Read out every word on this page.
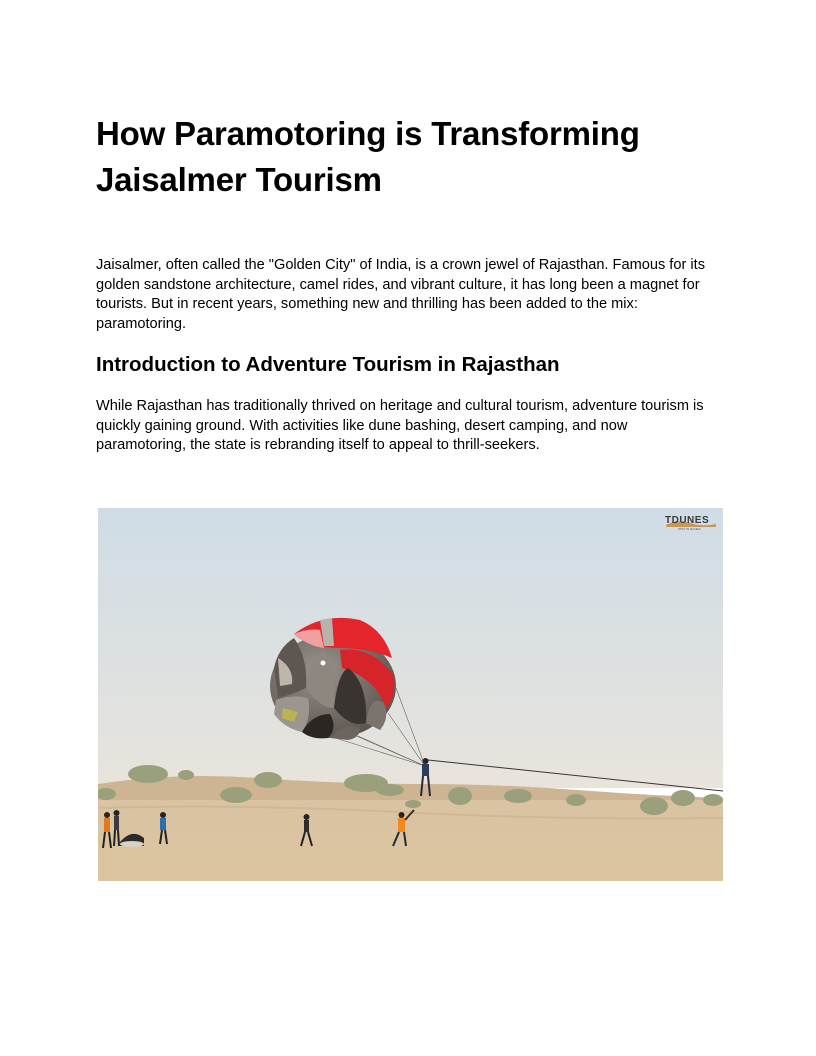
How Paramotoring is Transforming Jaisalmer Tourism

Jaisalmer, often called the "Golden City" of India, is a crown jewel of Rajasthan. Famous for its golden sandstone architecture, camel rides, and vibrant culture, it has long been a magnet for tourists. But in recent years, something new and thrilling has been added to the mix: paramotoring.

Introduction to Adventure Tourism in Rajasthan

While Rajasthan has traditionally thrived on heritage and cultural tourism, adventure tourism is quickly gaining ground. With activities like dune bashing, desert camping, and now paramotoring, the state is rebranding itself to appeal to thrill-seekers.

TDUNES
STAY IN DUNES
